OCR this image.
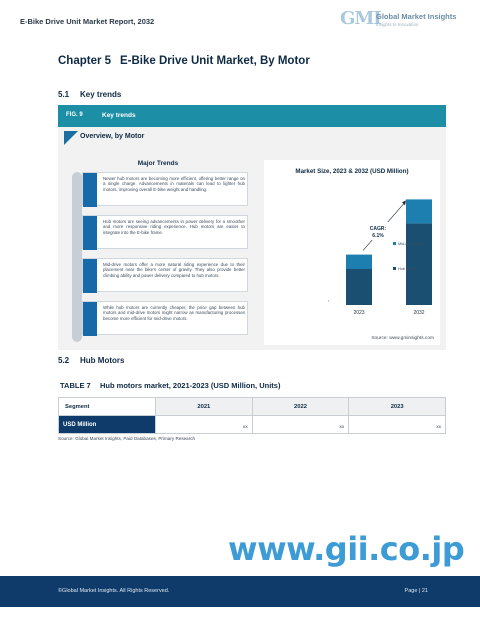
E-Bike Drive Unit Market Report, 2032	GMI
Global Market Insights
Insights to Innovation
Chapter 5 E-Bike Drive Unit Market, By Motor
5.1 Key trends
FIG. 9	Key trends
Overview, by Motor
Major Trends
Newer hub motors are becoming more efficient, offering better range on a single charge. Advancements in materials can lead to lighter hub motors, improving overall E-bike weight and handling.
Hub motors are seeing advancements in power delivery for a smoother and more responsive riding experience. Hub motors are easier to integrate into the E-bike frame.
Mid-drive motors offer a more natural riding experience due to their placement near the bike's center of gravity. They also provide better climbing ability and power delivery compared to hub motors.
While hub motors are currently cheaper, the price gap between hub motors and mid-drive motors might narrow as manufacturing processes become more efficient for mid-drive motors.
Market Size, 2023 & 2032 (USD Million)
ı
2023	2032
CAGR:
6.1%
Mid-drive motor
Hub motor
Source: www.gminsights.com
5.2 Hub Motors
TABLE 7 Hub motors market, 2021-2023 (USD Million, Units)
Segment	2021	2022	2023
USD Million	xx	xx	xx
Source: Global Market Insights, Paid Databases, Primary Research
www.gii.co.jp
©Global Market Insights. All Rights Reserved.	Page | 21
